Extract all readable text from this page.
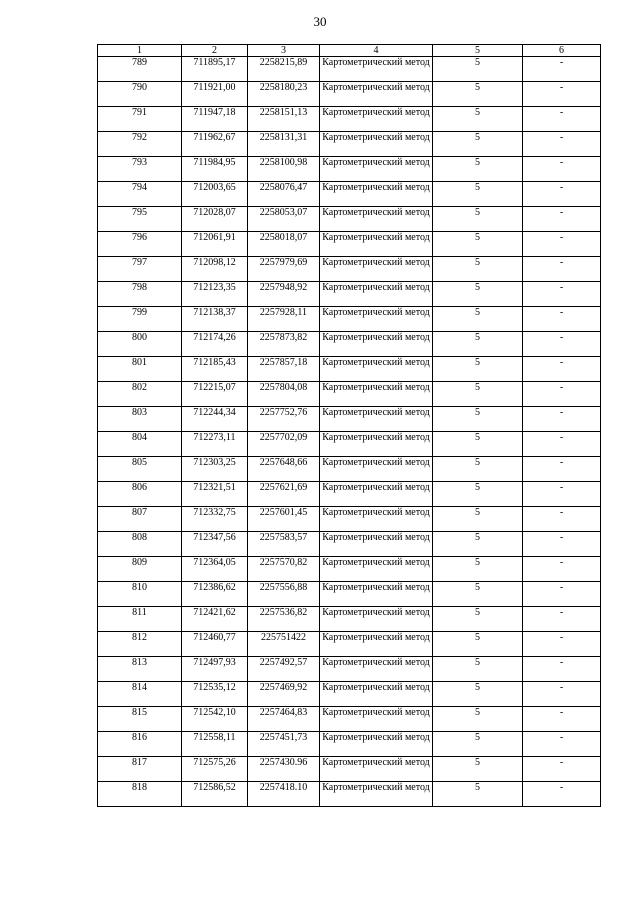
30
1	2	3	4	5	6
789	711895,17	2258215,89	Картометрический метод	5	-
790	711921,00	2258180,23	Картометрический метод	5	-
791	711947,18	2258151,13	Картометрический метод	5	-
792	711962,67	2258131,31	Картометрический метод	5	-
793	711984,95	2258100,98	Картометрический метод	5	-
794	712003,65	2258076,47	Картометрический метод	5	-
795	712028,07	2258053,07	Картометрический метод	5	-
796	712061,91	2258018,07	Картометрический метод	5	-
797	712098,12	2257979,69	Картометрический метод	5	-
798	712123,35	2257948,92	Картометрический метод	5	-
799	712138,37	2257928,11	Картометрический метод	5	-
800	712174,26	2257873,82	Картометрический метод	5	-
801	712185,43	2257857,18	Картометрический метод	5	-
802	712215,07	2257804,08	Картометрический метод	5	-
803	712244,34	2257752,76	Картометрический метод	5	-
804	712273,11	2257702,09	Картометрический метод	5	-
805	712303,25	2257648,66	Картометрический метод	5	-
806	712321,51	2257621,69	Картометрический метод	5	-
807	712332,75	2257601,45	Картометрический метод	5	-
808	712347,56	2257583,57	Картометрический метод	5	-
809	712364,05	2257570,82	Картометрический метод	5	-
810	712386,62	2257556,88	Картометрический метод	5	-
811	712421,62	2257536,82	Картометрический метод	5	-
812	712460,77	225751422	Картометрический метод	5	-
813	712497,93	2257492,57	Картометрический метод	5	-
814	712535,12	2257469,92	Картометрический метод	5	-
815	712542,10	2257464,83	Картометрический метод	5	-
816	712558,11	2257451,73	Картометрический метод	5	-
817	712575,26	2257430.96	Картометрический метод	5	-
818	712586,52	2257418.10	Картометрический метод	5	-
